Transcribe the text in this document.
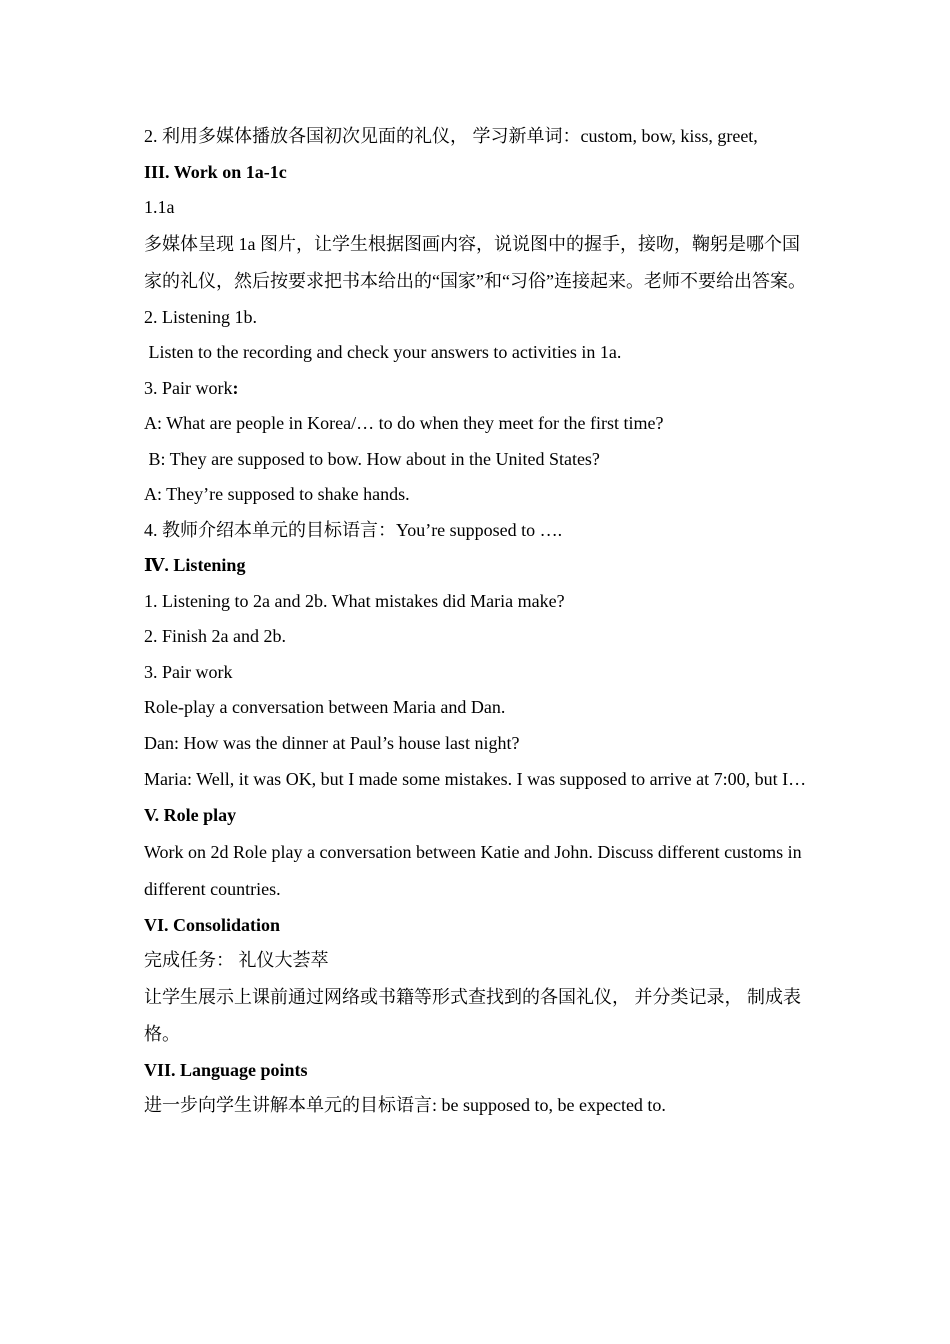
2. 利用多媒体播放各国初次见面的礼仪， 学习新单词：custom, bow, kiss, greet,

III. Work on 1a-1c

1.1a

多媒体呈现 1a 图片，让学生根据图画内容，说说图中的握手，接吻，鞠躬是哪个国家的礼仪，然后按要求把书本给出的“国家”和“习俗”连接起来。老师不要给出答案。

2. Listening 1b.

Listen to the recording and check your answers to activities in 1a.

3. Pair work:

A: What are people in Korea/… to do when they meet for the first time?

B: They are supposed to bow. How about in the United States?

A: They’re supposed to shake hands.

4. 教师介绍本单元的目标语言：You’re supposed to ….

Ⅳ. Listening

1. Listening to 2a and 2b. What mistakes did Maria make?

2. Finish 2a and 2b.

3. Pair work

Role-play a conversation between Maria and Dan.

Dan: How was the dinner at Paul’s house last night?

Maria: Well, it was OK, but I made some mistakes. I was supposed to arrive at 7:00, but I…

V. Role play

Work on 2d Role play a conversation between Katie and John. Discuss different customs in different countries.

VI. Consolidation

完成任务： 礼仪大荟萃

让学生展示上课前通过网络或书籍等形式查找到的各国礼仪， 并分类记录， 制成表格。

VII. Language points

进一步向学生讲解本单元的目标语言: be supposed to, be expected to.
